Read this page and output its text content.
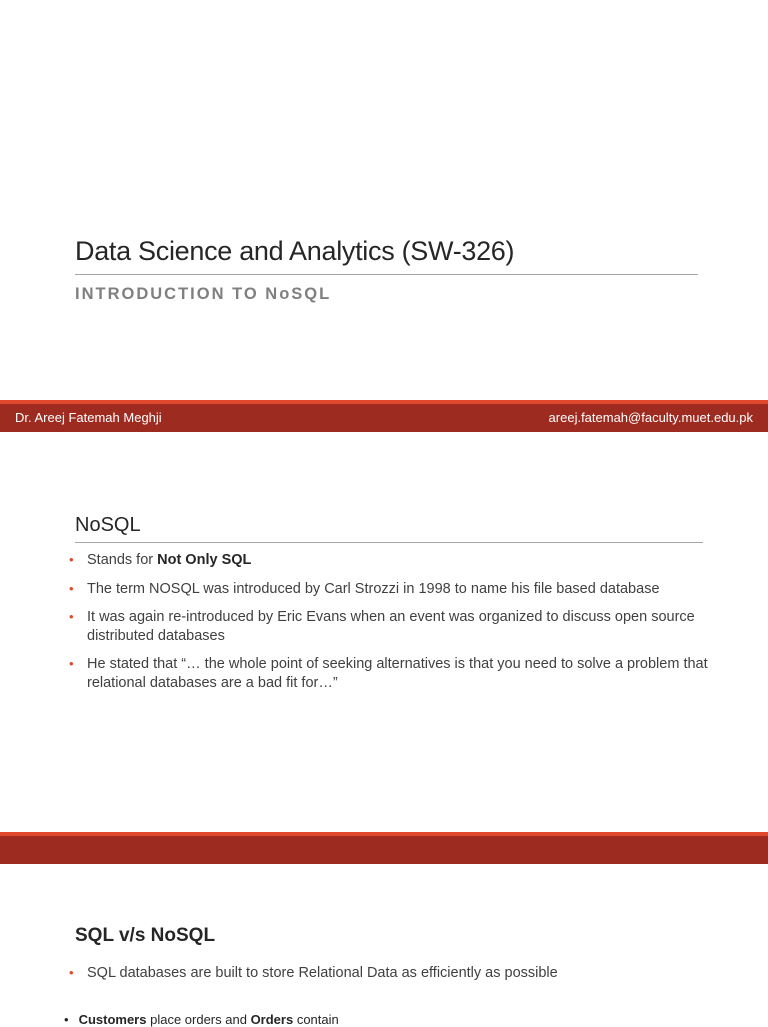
Data Science and Analytics (SW-326)
INTRODUCTION TO NoSQL
Dr. Areej Fatemah Meghji	areej.fatemah@faculty.muet.edu.pk
NoSQL
• Stands for Not Only SQL
• The term NOSQL was introduced by Carl Strozzi in 1998 to name his file based database
• It was again re-introduced by Eric Evans when an event was organized to discuss open source distributed databases
• He stated that “… the whole point of seeking alternatives is that you need to solve a problem that relational databases are a bad fit for…”
SQL v/s NoSQL
• SQL databases are built to store Relational Data as efficiently as possible
• Customers place orders and Orders contain
